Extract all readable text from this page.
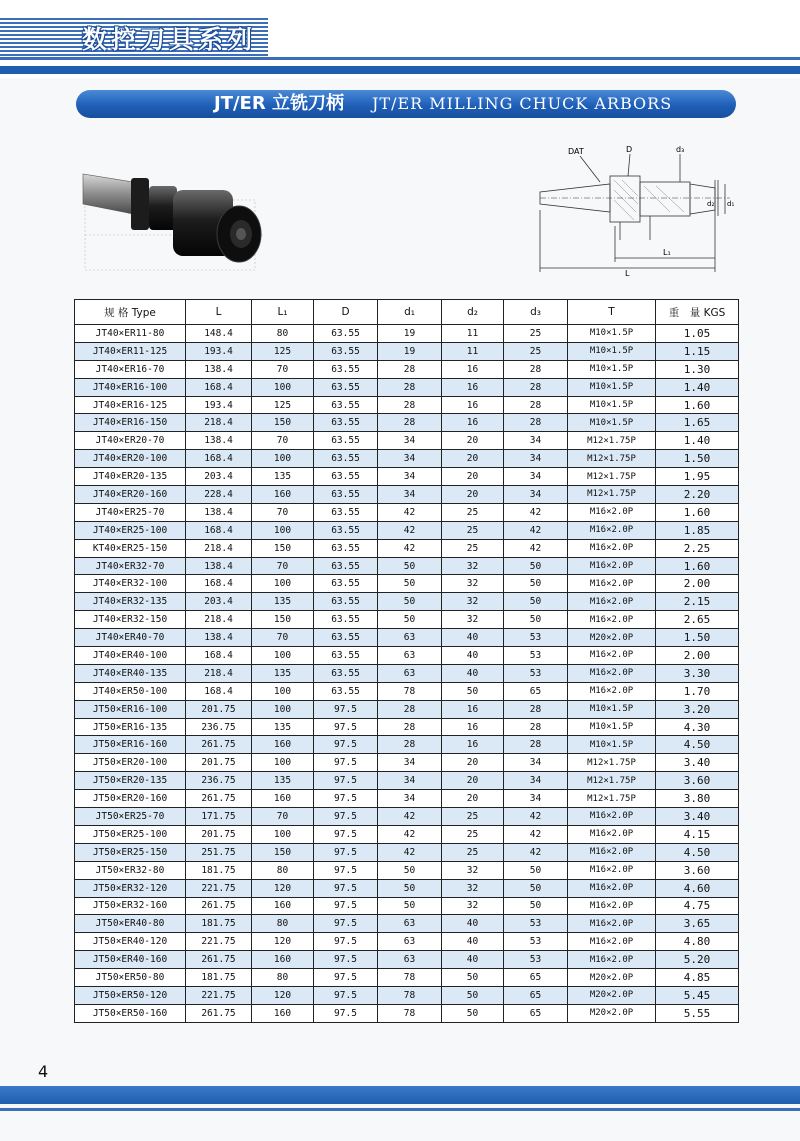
数控刀具系列
JT/ER 立铣刀柄 JT/ER MILLING CHUCK ARBORS
DAT	D	d₃
d₂ d₁
L₁
L
规 格 Type	L	L₁	D	d₁	d₂	d₃	T	重　量 KGS
JT40×ER11-80	148.4	80	63.55	19	11	25	M10×1.5P	1.05
JT40×ER11-125	193.4	125	63.55	19	11	25	M10×1.5P	1.15
JT40×ER16-70	138.4	70	63.55	28	16	28	M10×1.5P	1.30
JT40×ER16-100	168.4	100	63.55	28	16	28	M10×1.5P	1.40
JT40×ER16-125	193.4	125	63.55	28	16	28	M10×1.5P	1.60
JT40×ER16-150	218.4	150	63.55	28	16	28	M10×1.5P	1.65
JT40×ER20-70	138.4	70	63.55	34	20	34	M12×1.75P	1.40
JT40×ER20-100	168.4	100	63.55	34	20	34	M12×1.75P	1.50
JT40×ER20-135	203.4	135	63.55	34	20	34	M12×1.75P	1.95
JT40×ER20-160	228.4	160	63.55	34	20	34	M12×1.75P	2.20
JT40×ER25-70	138.4	70	63.55	42	25	42	M16×2.0P	1.60
JT40×ER25-100	168.4	100	63.55	42	25	42	M16×2.0P	1.85
KT40×ER25-150	218.4	150	63.55	42	25	42	M16×2.0P	2.25
JT40×ER32-70	138.4	70	63.55	50	32	50	M16×2.0P	1.60
JT40×ER32-100	168.4	100	63.55	50	32	50	M16×2.0P	2.00
JT40×ER32-135	203.4	135	63.55	50	32	50	M16×2.0P	2.15
JT40×ER32-150	218.4	150	63.55	50	32	50	M16×2.0P	2.65
JT40×ER40-70	138.4	70	63.55	63	40	53	M20×2.0P	1.50
JT40×ER40-100	168.4	100	63.55	63	40	53	M16×2.0P	2.00
JT40×ER40-135	218.4	135	63.55	63	40	53	M16×2.0P	3.30
JT40×ER50-100	168.4	100	63.55	78	50	65	M16×2.0P	1.70
JT50×ER16-100	201.75	100	97.5	28	16	28	M10×1.5P	3.20
JT50×ER16-135	236.75	135	97.5	28	16	28	M10×1.5P	4.30
JT50×ER16-160	261.75	160	97.5	28	16	28	M10×1.5P	4.50
JT50×ER20-100	201.75	100	97.5	34	20	34	M12×1.75P	3.40
JT50×ER20-135	236.75	135	97.5	34	20	34	M12×1.75P	3.60
JT50×ER20-160	261.75	160	97.5	34	20	34	M12×1.75P	3.80
JT50×ER25-70	171.75	70	97.5	42	25	42	M16×2.0P	3.40
JT50×ER25-100	201.75	100	97.5	42	25	42	M16×2.0P	4.15
JT50×ER25-150	251.75	150	97.5	42	25	42	M16×2.0P	4.50
JT50×ER32-80	181.75	80	97.5	50	32	50	M16×2.0P	3.60
JT50×ER32-120	221.75	120	97.5	50	32	50	M16×2.0P	4.60
JT50×ER32-160	261.75	160	97.5	50	32	50	M16×2.0P	4.75
JT50×ER40-80	181.75	80	97.5	63	40	53	M16×2.0P	3.65
JT50×ER40-120	221.75	120	97.5	63	40	53	M16×2.0P	4.80
JT50×ER40-160	261.75	160	97.5	63	40	53	M16×2.0P	5.20
JT50×ER50-80	181.75	80	97.5	78	50	65	M20×2.0P	4.85
JT50×ER50-120	221.75	120	97.5	78	50	65	M20×2.0P	5.45
JT50×ER50-160	261.75	160	97.5	78	50	65	M20×2.0P	5.55
4
